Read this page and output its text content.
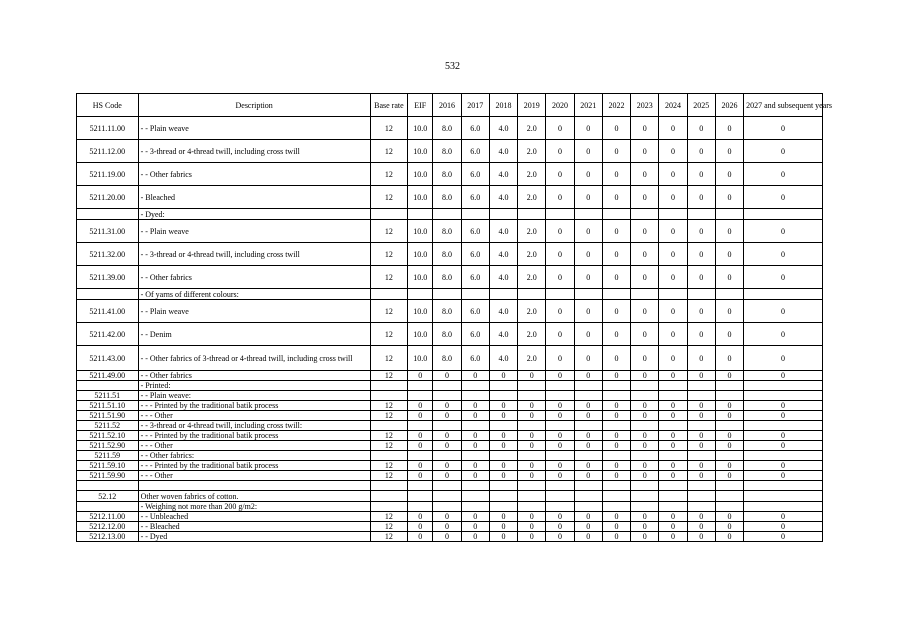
532
HS Code	Description	Base rate	EIF	2016	2017	2018	2019	2020	2021	2022	2023	2024	2025	2026	2027 and subsequent years
5211.11.00	- - Plain weave	12	10.0	8.0	6.0	4.0	2.0	0	0	0	0	0	0	0	0
5211.12.00	- - 3-thread or 4-thread twill, including cross twill	12	10.0	8.0	6.0	4.0	2.0	0	0	0	0	0	0	0	0
5211.19.00	- - Other fabrics	12	10.0	8.0	6.0	4.0	2.0	0	0	0	0	0	0	0	0
5211.20.00	- Bleached	12	10.0	8.0	6.0	4.0	2.0	0	0	0	0	0	0	0	0
	- Dyed:														
5211.31.00	- - Plain weave	12	10.0	8.0	6.0	4.0	2.0	0	0	0	0	0	0	0	0
5211.32.00	- - 3-thread or 4-thread twill, including cross twill	12	10.0	8.0	6.0	4.0	2.0	0	0	0	0	0	0	0	0
5211.39.00	- - Other fabrics	12	10.0	8.0	6.0	4.0	2.0	0	0	0	0	0	0	0	0
	- Of yarns of different colours:														
5211.41.00	- - Plain weave	12	10.0	8.0	6.0	4.0	2.0	0	0	0	0	0	0	0	0
5211.42.00	- - Denim	12	10.0	8.0	6.0	4.0	2.0	0	0	0	0	0	0	0	0
5211.43.00	- - Other fabrics of 3-thread or 4-thread twill, including cross twill	12	10.0	8.0	6.0	4.0	2.0	0	0	0	0	0	0	0	0
5211.49.00	- - Other fabrics	12	0	0	0	0	0	0	0	0	0	0	0	0	0
	- Printed:														
5211.51	- - Plain weave:														
5211.51.10	- - - Printed by the traditional batik process	12	0	0	0	0	0	0	0	0	0	0	0	0	0
5211.51.90	- - - Other	12	0	0	0	0	0	0	0	0	0	0	0	0	0
5211.52	- - 3-thread or 4-thread twill, including cross twill:														
5211.52.10	- - - Printed by the traditional batik process	12	0	0	0	0	0	0	0	0	0	0	0	0	0
5211.52.90	- - - Other	12	0	0	0	0	0	0	0	0	0	0	0	0	0
5211.59	- - Other fabrics:														
5211.59.10	- - - Printed by the traditional batik process	12	0	0	0	0	0	0	0	0	0	0	0	0	0
5211.59.90	- - - Other	12	0	0	0	0	0	0	0	0	0	0	0	0	0

52.12	Other woven fabrics of cotton.														
	- Weighing not more than 200 g/m2:														
5212.11.00	- - Unbleached	12	0	0	0	0	0	0	0	0	0	0	0	0	0
5212.12.00	- - Bleached	12	0	0	0	0	0	0	0	0	0	0	0	0	0
5212.13.00	- - Dyed	12	0	0	0	0	0	0	0	0	0	0	0	0	0
